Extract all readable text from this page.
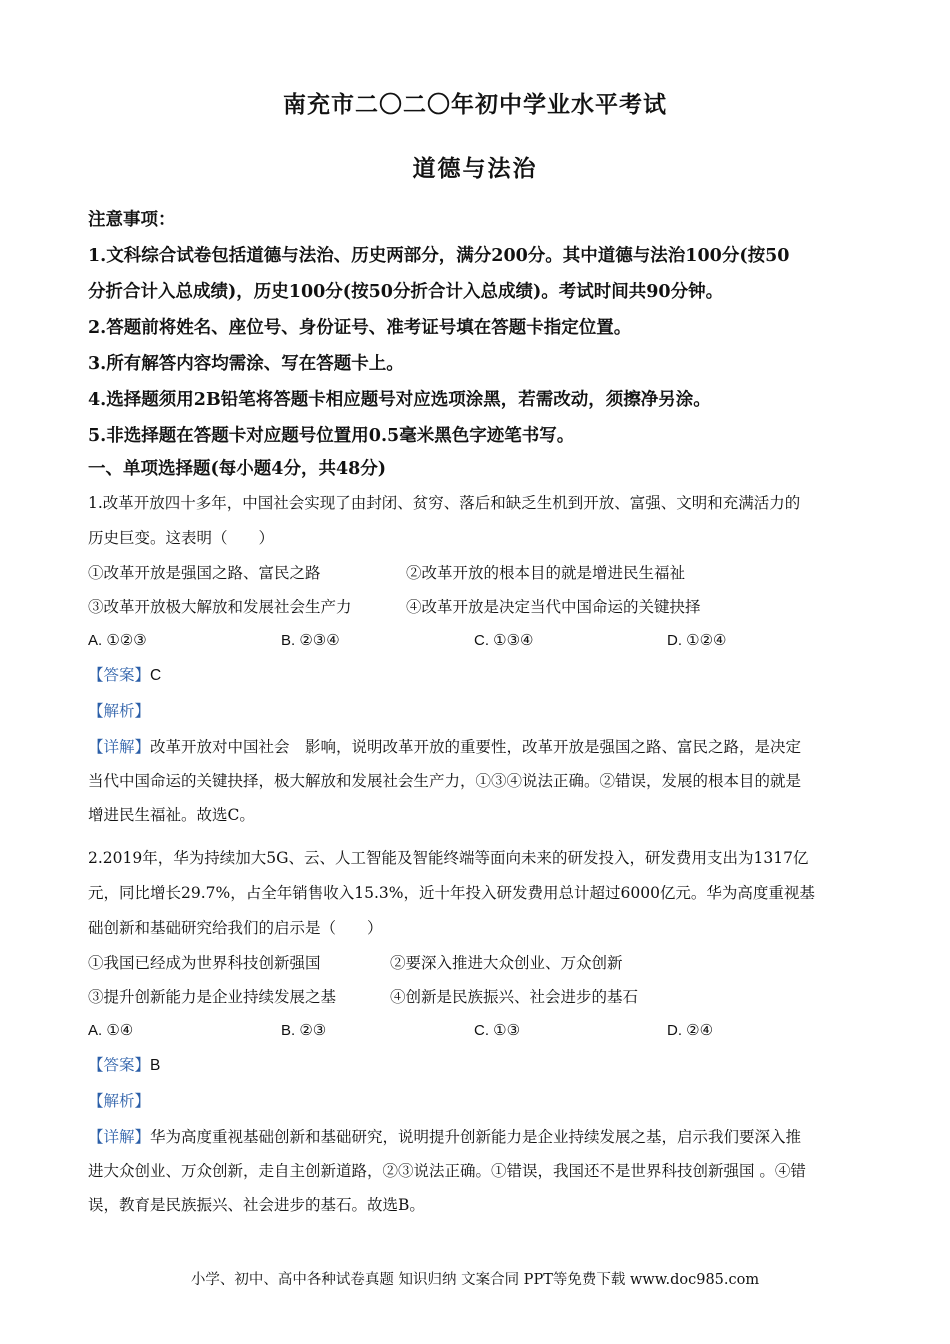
南充市二〇二〇年初中学业水平考试
道德与法治
注意事项：
1.文科综合试卷包括道德与法治、历史两部分，满分200分。其中道德与法治100分(按50
分折合计入总成绩)，历史100分(按50分折合计入总成绩)。考试时间共90分钟。
2.答题前将姓名、座位号、身份证号、准考证号填在答题卡指定位置。
3.所有解答内容均需涂、写在答题卡上。
4.选择题须用2B铅笔将答题卡相应题号对应选项涂黑，若需改动，须擦净另涂。
5.非选择题在答题卡对应题号位置用0.5毫米黑色字迹笔书写。
一、单项选择题(每小题4分，共48分)
1.改革开放四十多年，中国社会实现了由封闭、贫穷、落后和缺乏生机到开放、富强、文明和充满活力的
历史巨变。这表明（　　）
①改革开放是强国之路、富民之路	②改革开放的根本目的就是增进民生福祉
③改革开放极大解放和发展社会生产力	④改革开放是决定当代中国命运的关键抉择
A. ①②③	B. ②③④	C. ①③④	D. ①②④
【答案】C
【解析】
【详解】改革开放对中国社会　影响，说明改革开放的重要性，改革开放是强国之路、富民之路，是决定
当代中国命运的关键抉择，极大解放和发展社会生产力，①③④说法正确。②错误，发展的根本目的就是
增进民生福祉。故选C。
2.2019年，华为持续加大5G、云、人工智能及智能终端等面向未来的研发投入，研发费用支出为1317亿
元，同比增长29.7%，占全年销售收入15.3%，近十年投入研发费用总计超过6000亿元。华为高度重视基
础创新和基础研究给我们的启示是（　　）
①我国已经成为世界科技创新强国	②要深入推进大众创业、万众创新
③提升创新能力是企业持续发展之基	④创新是民族振兴、社会进步的基石
A. ①④	B. ②③	C. ①③	D. ②④
【答案】B
【解析】
【详解】华为高度重视基础创新和基础研究，说明提升创新能力是企业持续发展之基，启示我们要深入推
进大众创业、万众创新，走自主创新道路，②③说法正确。①错误，我国还不是世界科技创新强国 。④错
误，教育是民族振兴、社会进步的基石。故选B。
小学、初中、高中各种试卷真题 知识归纳 文案合同 PPT等免费下载 www.doc985.com
